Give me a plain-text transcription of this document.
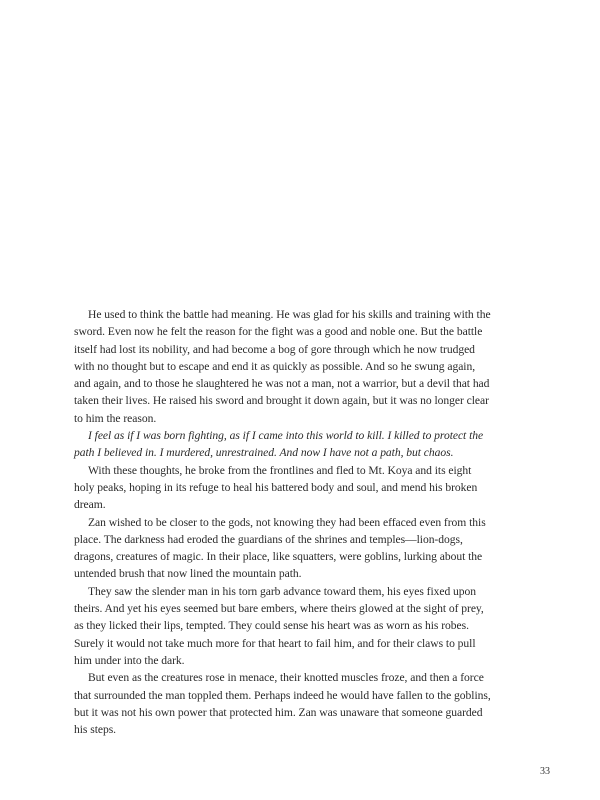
He used to think the battle had meaning. He was glad for his skills and training with the sword. Even now he felt the reason for the fight was a good and noble one. But the battle itself had lost its nobility, and had become a bog of gore through which he now trudged with no thought but to escape and end it as quickly as possible. And so he swung again, and again, and to those he slaughtered he was not a man, not a warrior, but a devil that had taken their lives. He raised his sword and brought it down again, but it was no longer clear to him the reason.

I feel as if I was born fighting, as if I came into this world to kill. I killed to protect the path I believed in. I murdered, unrestrained. And now I have not a path, but chaos.

With these thoughts, he broke from the frontlines and fled to Mt. Koya and its eight holy peaks, hoping in its refuge to heal his battered body and soul, and mend his broken dream.

Zan wished to be closer to the gods, not knowing they had been effaced even from this place. The darkness had eroded the guardians of the shrines and temples—lion-dogs, dragons, creatures of magic. In their place, like squatters, were goblins, lurking about the untended brush that now lined the mountain path.

They saw the slender man in his torn garb advance toward them, his eyes fixed upon theirs. And yet his eyes seemed but bare embers, where theirs glowed at the sight of prey, as they licked their lips, tempted. They could sense his heart was as worn as his robes. Surely it would not take much more for that heart to fail him, and for their claws to pull him under into the dark.

But even as the creatures rose in menace, their knotted muscles froze, and then a force that surrounded the man toppled them. Perhaps indeed he would have fallen to the goblins, but it was not his own power that protected him. Zan was unaware that someone guarded his steps.

33
